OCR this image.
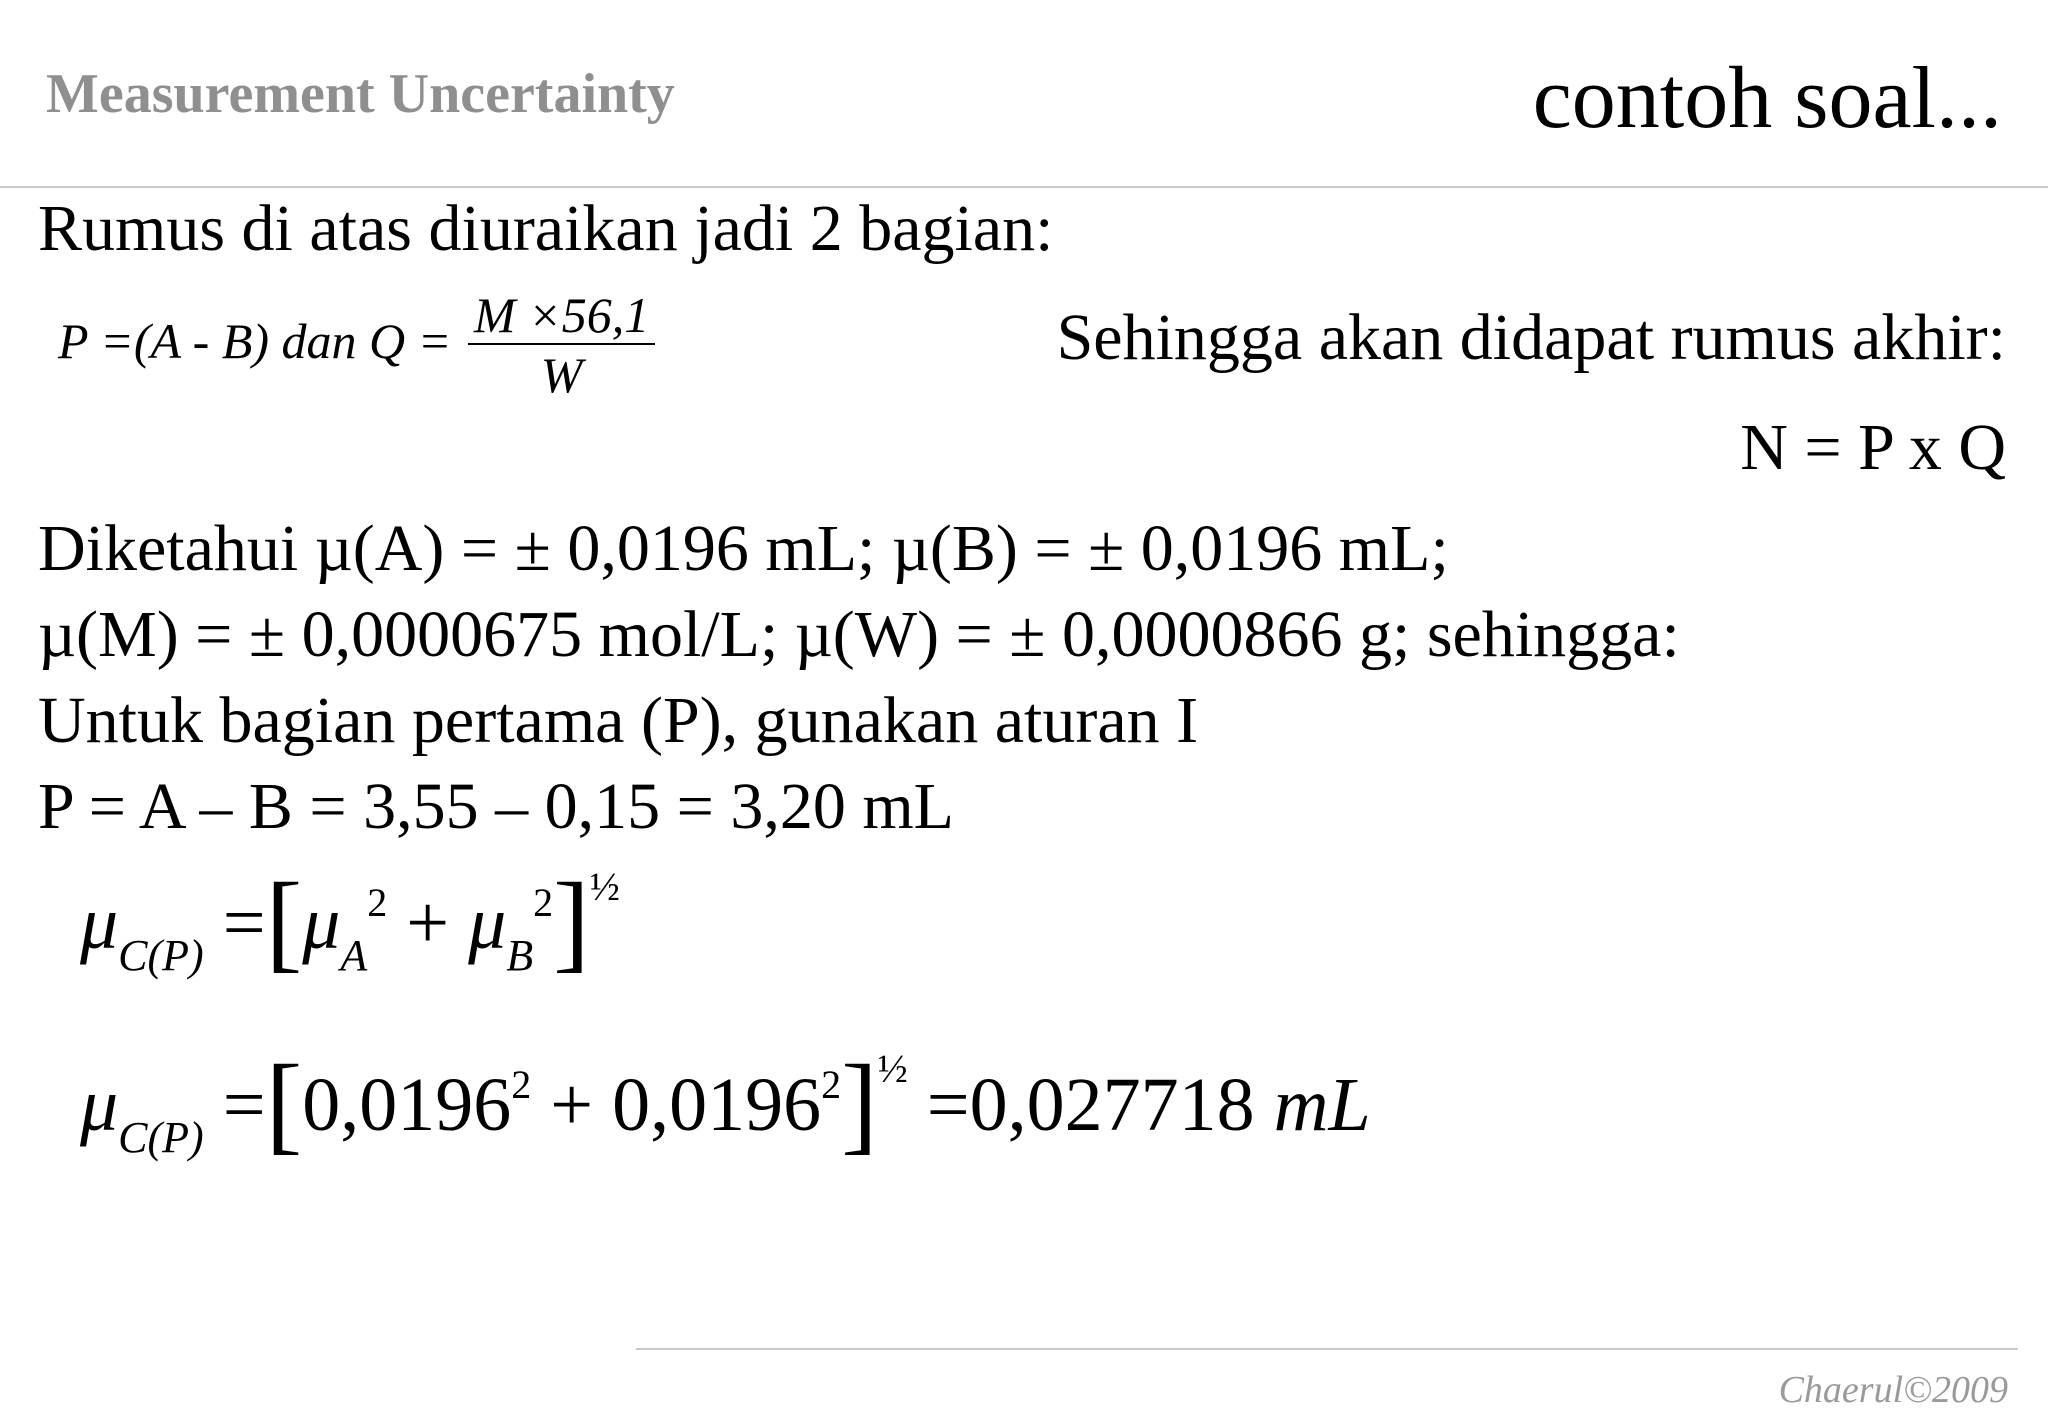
Measurement Uncertainty	contoh soal...
Rumus di atas diuraikan jadi 2 bagian:
P =(A - B) dan $Q = \frac{M \times 56,1}{W}$	Sehingga akan didapat rumus akhir:
N = P x Q
Diketahui µ(A) = ± 0,0196 mL; µ(B) = ± 0,0196 mL;
µ(M) = ± 0,0000675 mol/L; µ(W) = ± 0,0000866 g; sehingga:
Untuk bagian pertama (P), gunakan aturan I
P = A – B = 3,55 – 0,15 = 3,20 mL
$\mu_{C(P)} =[\mu_A^2 + \mu_B^2]^{\frac{1}{2}}$
$\mu_{C(P)} =[0,0196^2 + 0,0196^2]^{\frac{1}{2}} =0,027718$ mL
Chaerul©2009
